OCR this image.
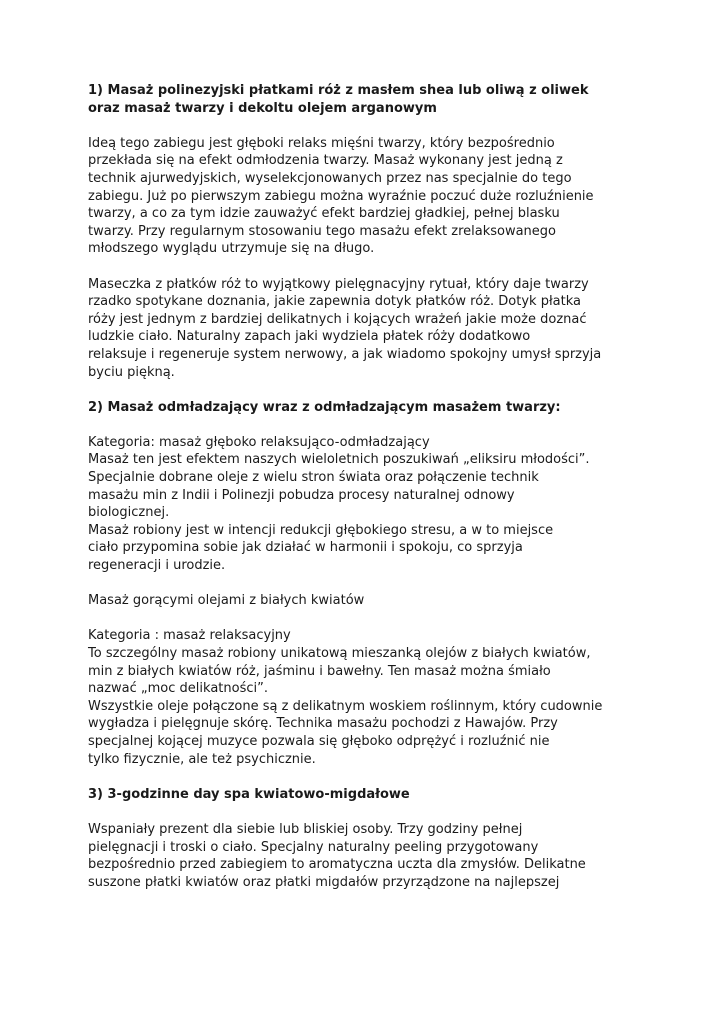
1) Masaż polinezyjski płatkami róż z masłem shea lub oliwą z oliwek
oraz masaż twarzy i dekoltu olejem arganowym
Ideą tego zabiegu jest głęboki relaks mięśni twarzy, który bezpośrednio
przekłada się na efekt odmłodzenia twarzy. Masaż wykonany jest jedną z
technik ajurwedyjskich, wyselekcjonowanych przez nas specjalnie do tego
zabiegu. Już po pierwszym zabiegu można wyraźnie poczuć duże rozluźnienie
twarzy, a co za tym idzie zauważyć efekt bardziej gładkiej, pełnej blasku
twarzy. Przy regularnym stosowaniu tego masażu efekt zrelaksowanego
młodszego wyglądu utrzymuje się na długo.
Maseczka z płatków róż to wyjątkowy pielęgnacyjny rytuał, który daje twarzy
rzadko spotykane doznania, jakie zapewnia dotyk płatków róż. Dotyk płatka
róży jest jednym z bardziej delikatnych i kojących wrażeń jakie może doznać
ludzkie ciało. Naturalny zapach jaki wydziela płatek róży dodatkowo
relaksuje i regeneruje system nerwowy, a jak wiadomo spokojny umysł sprzyja
byciu piękną.
2) Masaż odmładzający wraz z odmładzającym masażem twarzy:
Kategoria: masaż głęboko relaksująco-odmładzający
Masaż ten jest efektem naszych wieloletnich poszukiwań „eliksiru młodości”.
Specjalnie dobrane oleje z wielu stron świata oraz połączenie technik
masażu min z Indii i Polinezji pobudza procesy naturalnej odnowy
biologicznej.
Masaż robiony jest w intencji redukcji głębokiego stresu, a w to miejsce
ciało przypomina sobie jak działać w harmonii i spokoju, co sprzyja
regeneracji i urodzie.
Masaż gorącymi olejami z białych kwiatów
Kategoria : masaż relaksacyjny
To szczególny masaż robiony unikatową mieszanką olejów z białych kwiatów,
min z białych kwiatów róż, jaśminu i bawełny. Ten masaż można śmiało
nazwać „moc delikatności”.
Wszystkie oleje połączone są z delikatnym woskiem roślinnym, który cudownie
wygładza i pielęgnuje skórę. Technika masażu pochodzi z Hawajów. Przy
specjalnej kojącej muzyce pozwala się głęboko odprężyć i rozluźnić nie
tylko fizycznie, ale też psychicznie.
3) 3-godzinne day spa kwiatowo-migdałowe
Wspaniały prezent dla siebie lub bliskiej osoby. Trzy godziny pełnej
pielęgnacji i troski o ciało. Specjalny naturalny peeling przygotowany
bezpośrednio przed zabiegiem to aromatyczna uczta dla zmysłów. Delikatne
suszone płatki kwiatów oraz płatki migdałów przyrządzone na najlepszej
